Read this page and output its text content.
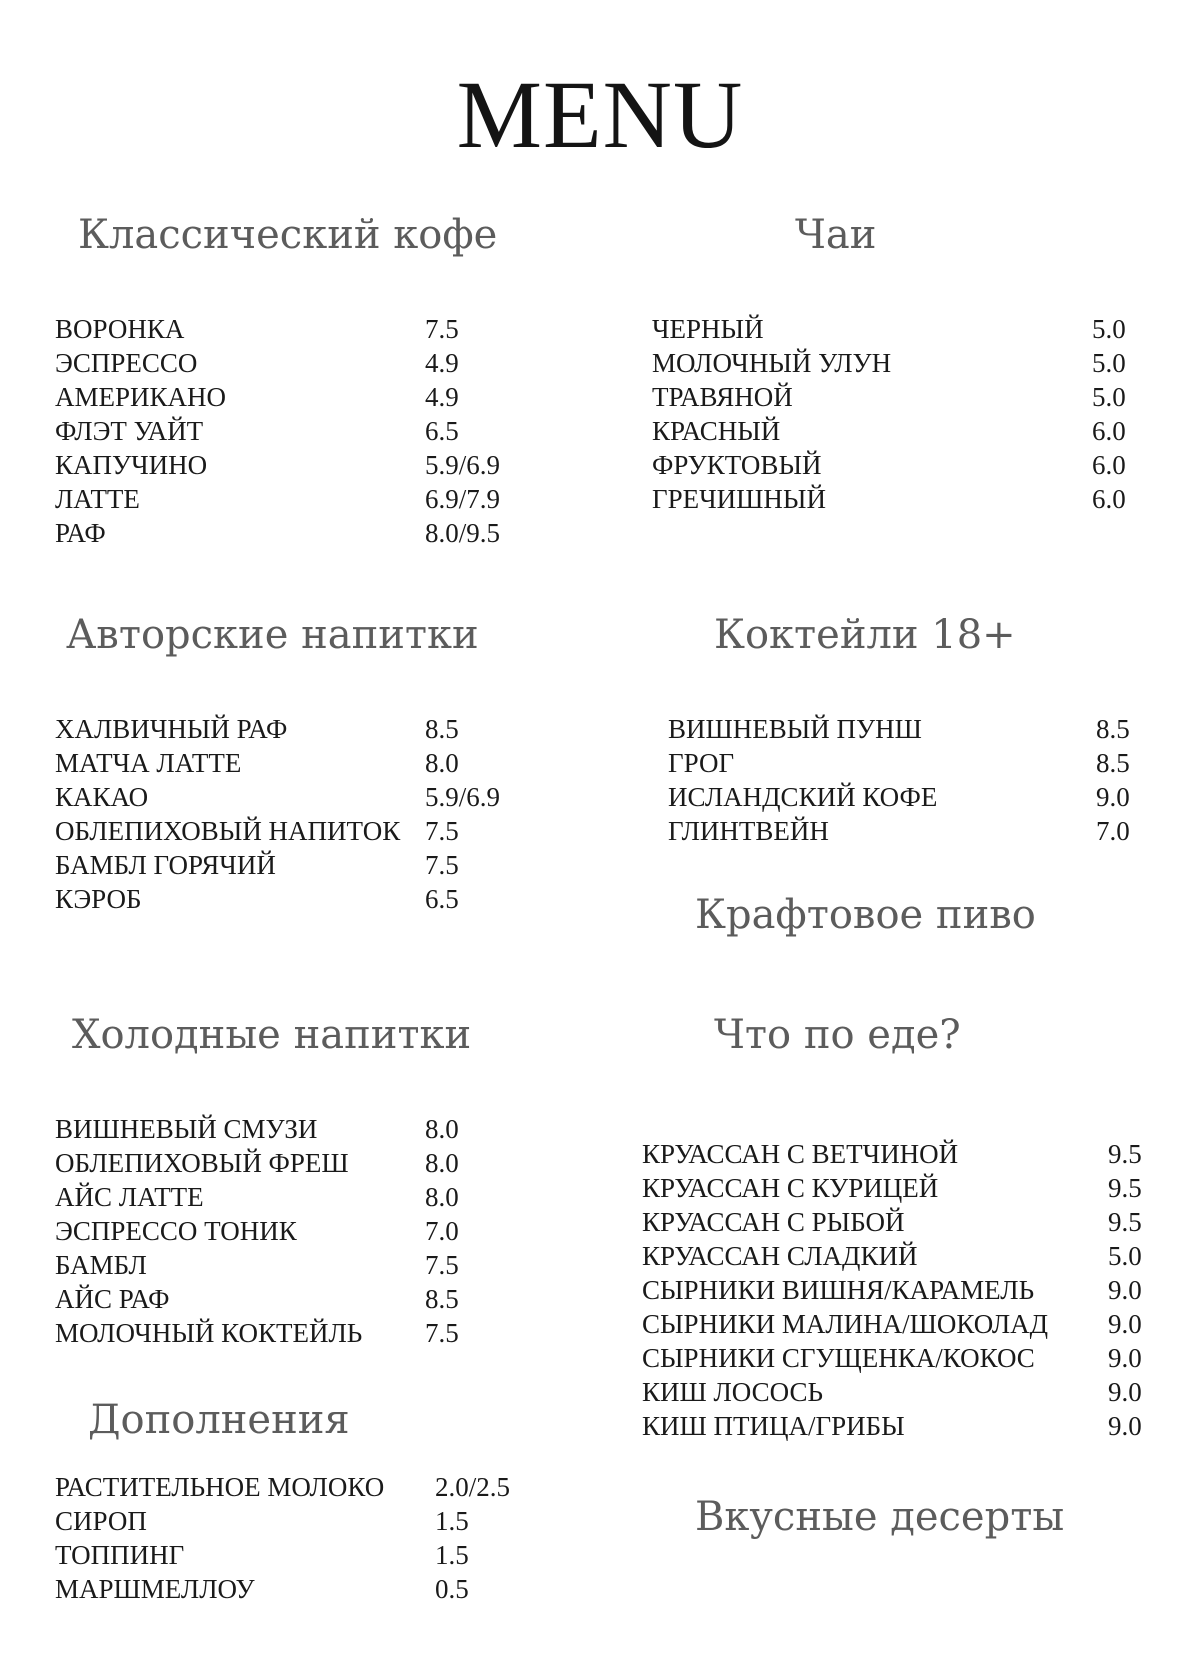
MENU
Классический кофе
ВОРОНКА	7.5
ЭСПРЕССО	4.9
АМЕРИКАНО	4.9
ФЛЭТ УАЙТ	6.5
КАПУЧИНО	5.9/6.9
ЛАТТЕ	6.9/7.9
РАФ	8.0/9.5
Авторские напитки
ХАЛВИЧНЫЙ РАФ	8.5
МАТЧА ЛАТТЕ	8.0
КАКАО	5.9/6.9
ОБЛЕПИХОВЫЙ НАПИТОК 7.5
БАМБЛ ГОРЯЧИЙ	7.5
КЭРОБ	6.5
Холодные напитки
ВИШНЕВЫЙ СМУЗИ	8.0
ОБЛЕПИХОВЫЙ ФРЕШ	8.0
АЙС ЛАТТЕ	8.0
ЭСПРЕССО ТОНИК	7.0
БАМБЛ	7.5
АЙС РАФ	8.5
МОЛОЧНЫЙ КОКТЕЙЛЬ 7.5
Дополнения
РАСТИТЕЛЬНОЕ МОЛОКО 2.0/2.5
СИРОП	1.5
ТОППИНГ	1.5
МАРШМЕЛЛОУ	0.5
Чаи
ЧЕРНЫЙ	5.0
МОЛОЧНЫЙ УЛУН	5.0
ТРАВЯНОЙ	5.0
КРАСНЫЙ	6.0
ФРУКТОВЫЙ	6.0
ГРЕЧИШНЫЙ	6.0
Коктейли 18+
ВИШНЕВЫЙ ПУНШ	8.5
ГРОГ	8.5
ИСЛАНДСКИЙ КОФЕ	9.0
ГЛИНТВЕЙН	7.0
Крафтовое пиво
Что по еде?
КРУАССАН С ВЕТЧИНОЙ	9.5
КРУАССАН С КУРИЦЕЙ	9.5
КРУАССАН С РЫБОЙ	9.5
КРУАССАН СЛАДКИЙ	5.0
СЫРНИКИ ВИШНЯ/КАРАМЕЛЬ	9.0
СЫРНИКИ МАЛИНА/ШОКОЛАД 9.0
СЫРНИКИ СГУЩЕНКА/КОКОС	9.0
КИШ ЛОСОСЬ	9.0
КИШ ПТИЦА/ГРИБЫ	9.0
Вкусные десерты
